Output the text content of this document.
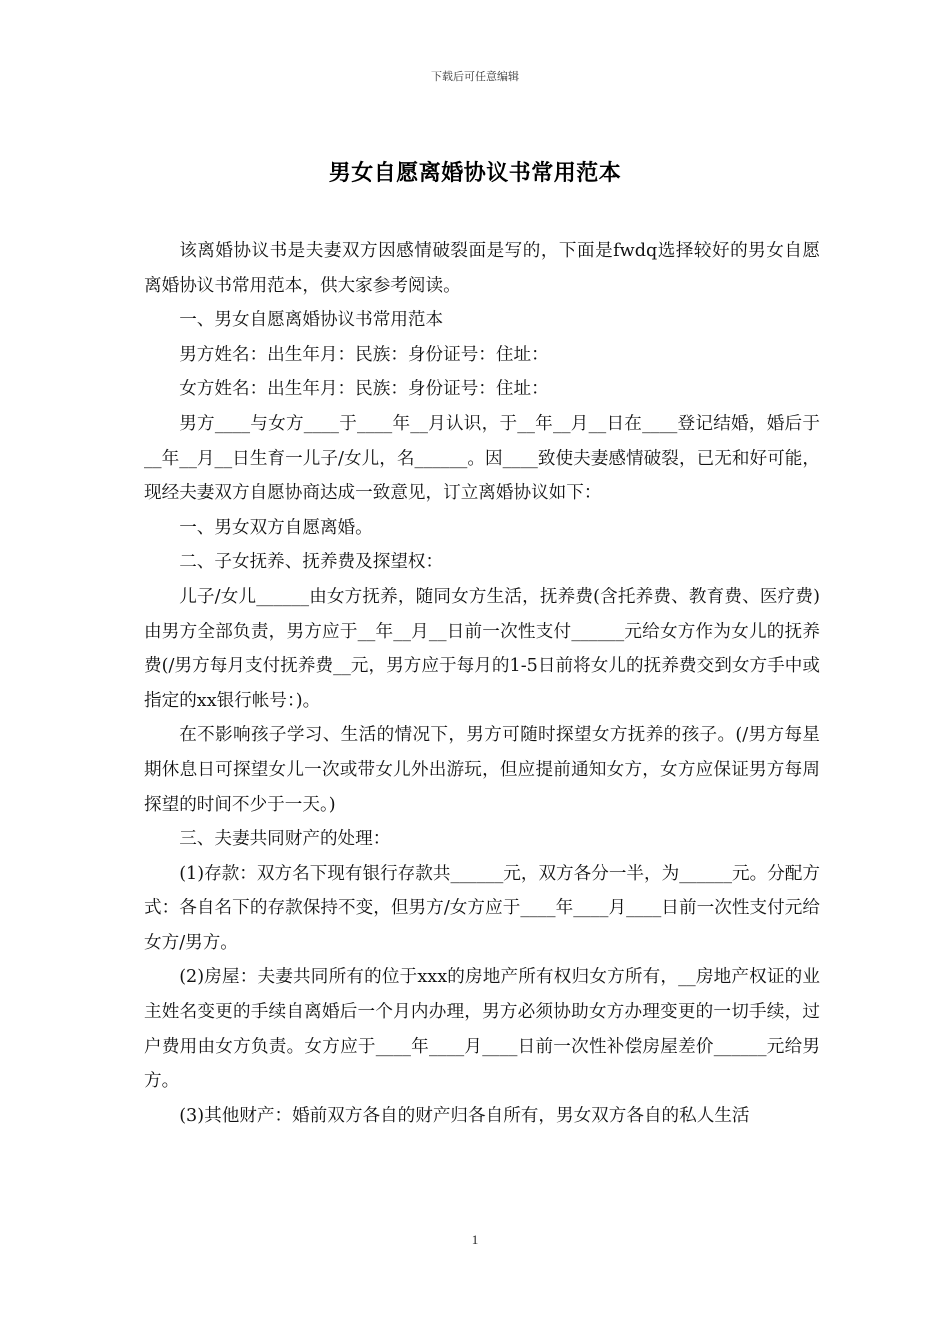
下载后可任意编辑
男女自愿离婚协议书常用范本

该离婚协议书是夫妻双方因感情破裂面是写的，下面是fwdq选择较好的男女自愿离婚协议书常用范本，供大家参考阅读。

一、男女自愿离婚协议书常用范本

男方姓名：出生年月：民族：身份证号：住址：

女方姓名：出生年月：民族：身份证号：住址：

男方____与女方____于____年__月认识，于__年__月__日在____登记结婚，婚后于__年__月__日生育一儿子/女儿，名______。因____致使夫妻感情破裂，已无和好可能，现经夫妻双方自愿协商达成一致意见，订立离婚协议如下：

一、男女双方自愿离婚。

二、子女抚养、抚养费及探望权：

儿子/女儿______由女方抚养，随同女方生活，抚养费(含托养费、教育费、医疗费)由男方全部负责，男方应于__年__月__日前一次性支付______元给女方作为女儿的抚养费(/男方每月支付抚养费__元，男方应于每月的1-5日前将女儿的抚养费交到女方手中或指定的xx银行帐号：)。

在不影响孩子学习、生活的情况下，男方可随时探望女方抚养的孩子。(/男方每星期休息日可探望女儿一次或带女儿外出游玩，但应提前通知女方，女方应保证男方每周探望的时间不少于一天。)

三、夫妻共同财产的处理：

(1)存款：双方名下现有银行存款共______元，双方各分一半，为______元。分配方式：各自名下的存款保持不变，但男方/女方应于____年____月____日前一次性支付元给女方/男方。

(2)房屋：夫妻共同所有的位于xxx的房地产所有权归女方所有，__房地产权证的业主姓名变更的手续自离婚后一个月内办理，男方必须协助女方办理变更的一切手续，过户费用由女方负责。女方应于____年____月____日前一次性补偿房屋差价______元给男方。

(3)其他财产：婚前双方各自的财产归各自所有，男女双方各自的私人生活

1
